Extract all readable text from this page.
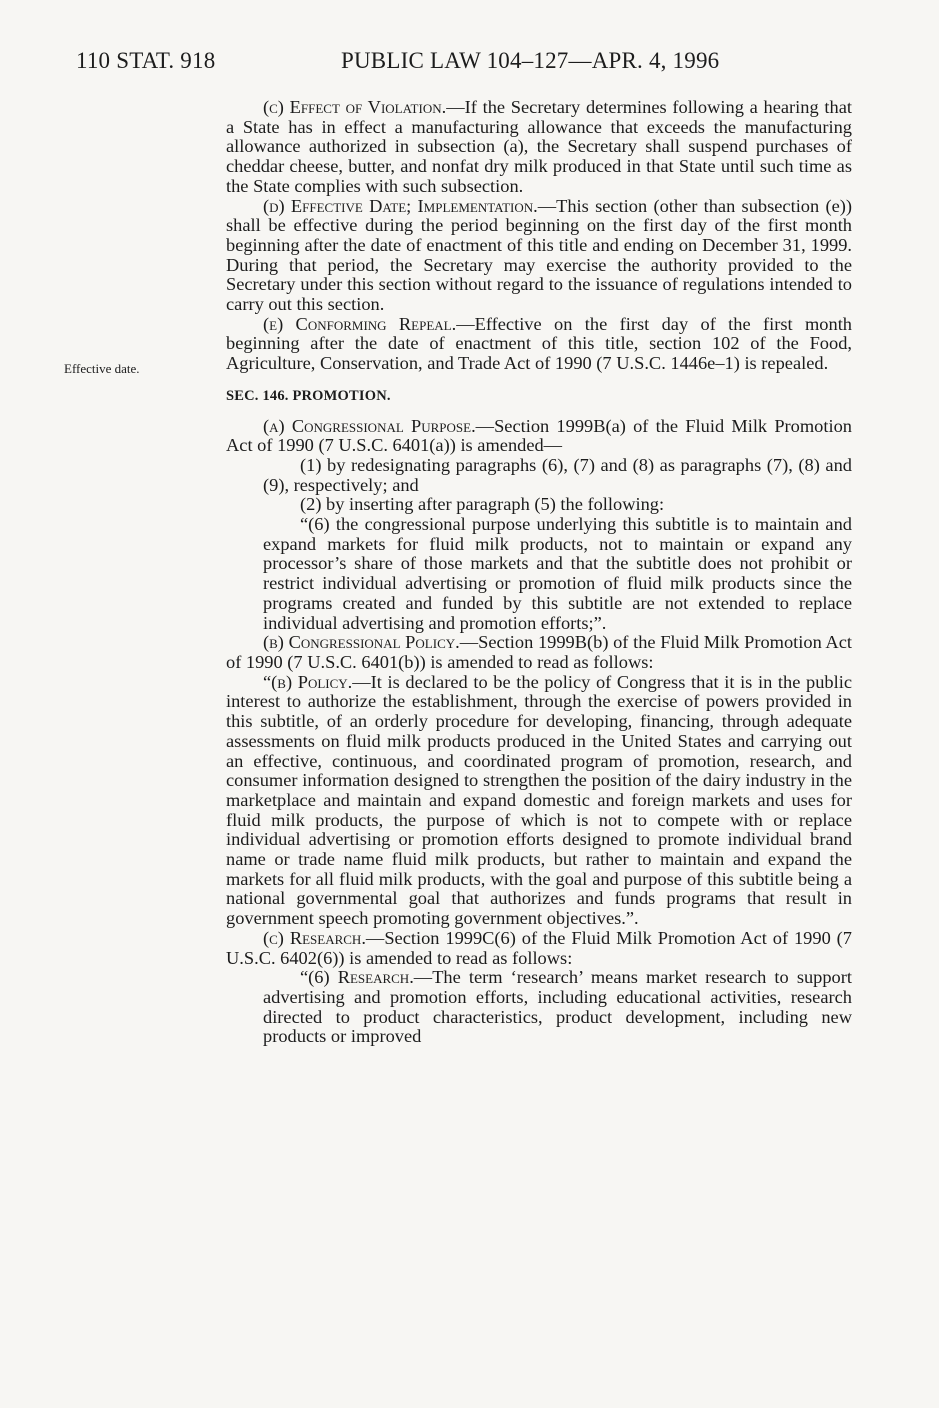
110 STAT. 918	PUBLIC LAW 104–127—APR. 4, 1996
Effective date.

(c) Effect of Violation.—If the Secretary determines following a hearing that a State has in effect a manufacturing allowance that exceeds the manufacturing allowance authorized in subsection (a), the Secretary shall suspend purchases of cheddar cheese, butter, and nonfat dry milk produced in that State until such time as the State complies with such subsection.

(d) Effective Date; Implementation.—This section (other than subsection (e)) shall be effective during the period beginning on the first day of the first month beginning after the date of enactment of this title and ending on December 31, 1999. During that period, the Secretary may exercise the authority provided to the Secretary under this section without regard to the issuance of regulations intended to carry out this section.

(e) Conforming Repeal.—Effective on the first day of the first month beginning after the date of enactment of this title, section 102 of the Food, Agriculture, Conservation, and Trade Act of 1990 (7 U.S.C. 1446e–1) is repealed.

SEC. 146. PROMOTION.

(a) Congressional Purpose.—Section 1999B(a) of the Fluid Milk Promotion Act of 1990 (7 U.S.C. 6401(a)) is amended—

(1) by redesignating paragraphs (6), (7) and (8) as paragraphs (7), (8) and (9), respectively; and

(2) by inserting after paragraph (5) the following:

“(6) the congressional purpose underlying this subtitle is to maintain and expand markets for fluid milk products, not to maintain or expand any processor’s share of those markets and that the subtitle does not prohibit or restrict individual advertising or promotion of fluid milk products since the programs created and funded by this subtitle are not extended to replace individual advertising and promotion efforts;”.

(b) Congressional Policy.—Section 1999B(b) of the Fluid Milk Promotion Act of 1990 (7 U.S.C. 6401(b)) is amended to read as follows:

“(b) Policy.—It is declared to be the policy of Congress that it is in the public interest to authorize the establishment, through the exercise of powers provided in this subtitle, of an orderly procedure for developing, financing, through adequate assessments on fluid milk products produced in the United States and carrying out an effective, continuous, and coordinated program of promotion, research, and consumer information designed to strengthen the position of the dairy industry in the marketplace and maintain and expand domestic and foreign markets and uses for fluid milk products, the purpose of which is not to compete with or replace individual advertising or promotion efforts designed to promote individual brand name or trade name fluid milk products, but rather to maintain and expand the markets for all fluid milk products, with the goal and purpose of this subtitle being a national governmental goal that authorizes and funds programs that result in government speech promoting government objectives.”.

(c) Research.—Section 1999C(6) of the Fluid Milk Promotion Act of 1990 (7 U.S.C. 6402(6)) is amended to read as follows:

“(6) Research.—The term ‘research’ means market research to support advertising and promotion efforts, including educational activities, research directed to product characteristics, product development, including new products or improved
